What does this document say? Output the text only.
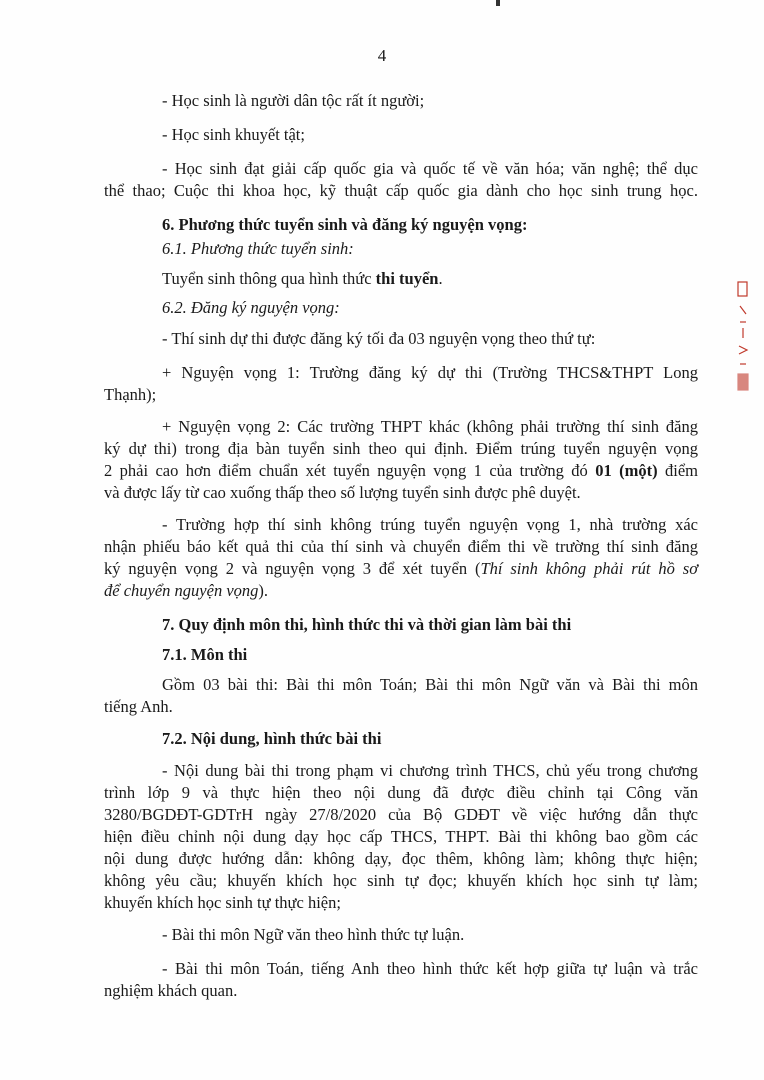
4
- Học sinh là người dân tộc rất ít người;
- Học sinh khuyết tật;
- Học sinh đạt giải cấp quốc gia và quốc tế về văn hóa; văn nghệ; thể dục
thể thao; Cuộc thi khoa học, kỹ thuật cấp quốc gia dành cho học sinh trung học.
6. Phương thức tuyển sinh và đăng ký nguyện vọng:
6.1. Phương thức tuyển sinh:
Tuyển sinh thông qua hình thức thi tuyển.
6.2. Đăng ký nguyện vọng:
- Thí sinh dự thi được đăng ký tối đa 03 nguyện vọng theo thứ tự:
+ Nguyện vọng 1: Trường đăng ký dự thi (Trường THCS&THPT Long
Thạnh);
+ Nguyện vọng 2: Các trường THPT khác (không phải trường thí sinh đăng
ký dự thi) trong địa bàn tuyển sinh theo qui định. Điểm trúng tuyển nguyện vọng
2 phải cao hơn điểm chuẩn xét tuyển nguyện vọng 1 của trường đó 01 (một) điểm
và được lấy từ cao xuống thấp theo số lượng tuyển sinh được phê duyệt.
- Trường hợp thí sinh không trúng tuyển nguyện vọng 1, nhà trường xác
nhận phiếu báo kết quả thi của thí sinh và chuyển điểm thi về trường thí sinh đăng
ký nguyện vọng 2 và nguyện vọng 3 để xét tuyển (Thí sinh không phải rút hồ sơ
để chuyển nguyện vọng).
7. Quy định môn thi, hình thức thi và thời gian làm bài thi
7.1. Môn thi
Gồm 03 bài thi: Bài thi môn Toán; Bài thi môn Ngữ văn và Bài thi môn
tiếng Anh.
7.2. Nội dung, hình thức bài thi
- Nội dung bài thi trong phạm vi chương trình THCS, chủ yếu trong chương
trình lớp 9 và thực hiện theo nội dung đã được điều chỉnh tại Công văn
3280/BGDĐT-GDTrH ngày 27/8/2020 của Bộ GDĐT về việc hướng dẫn thực
hiện điều chỉnh nội dung dạy học cấp THCS, THPT. Bài thi không bao gồm các
nội dung được hướng dẫn: không dạy, đọc thêm, không làm; không thực hiện;
không yêu cầu; khuyến khích học sinh tự đọc; khuyến khích học sinh tự làm;
khuyến khích học sinh tự thực hiện;
- Bài thi môn Ngữ văn theo hình thức tự luận.
- Bài thi môn Toán, tiếng Anh theo hình thức kết hợp giữa tự luận và trắc
nghiệm khách quan.
